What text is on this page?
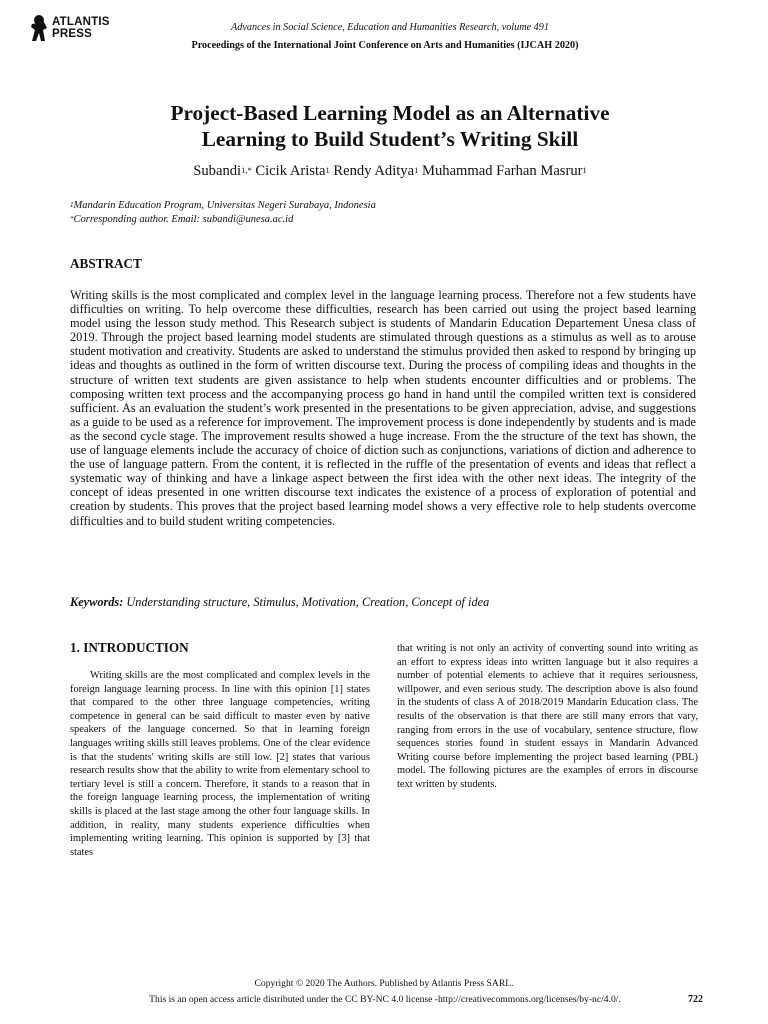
ATLANTIS
PRESS
Advances in Social Science, Education and Humanities Research, volume 491
Proceedings of the International Joint Conference on Arts and Humanities (IJCAH 2020)
Project-Based Learning Model as an Alternative
Learning to Build Student’s Writing Skill
Subandi$^{1,*}$ Cicik Arista$^1$ Rendy Aditya$^1$ Muhammad Farhan Masrur$^1$
$^1$Mandarin Education Program, Universitas Negeri Surabaya, Indonesia
*Corresponding author. Email: subandi@unesa.ac.id
ABSTRACT

Writing skills is the most complicated and complex level in the language learning process. Therefore not a few students have difficulties on writing. To help overcome these difficulties, research has been carried out using the project based learning model using the lesson study method. This Research subject is students of Mandarin Education Departement Unesa class of 2019. Through the project based learning model students are stimulated through questions as a stimulus as well as to arouse student motivation and creativity. Students are asked to understand the stimulus provided then asked to respond by bringing up ideas and thoughts as outlined in the form of written discourse text. During the process of compiling ideas and thoughts in the structure of written text students are given assistance to help when students encounter difficulties and or problems. The composing written text process and the accompanying process go hand in hand until the compiled written text is considered sufficient. As an evaluation the student’s work presented in the presentations to be given appreciation, advise, and suggestions as a guide to be used as a reference for improvement. The improvement process is done independently by students and is made as the second cycle stage. The improvement results showed a huge increase. From the the structure of the text has shown, the use of language elements include the accuracy of choice of diction such as conjunctions, variations of diction and adherence to the use of language pattern. From the content, it is reflected in the ruffle of the presentation of events and ideas that reflect a systematic way of thinking and have a linkage aspect between the first idea with the other next ideas. The integrity of the concept of ideas presented in one written discourse text indicates the existence of a process of exploration of potential and creation by students. This proves that the project based learning model shows a very effective role to help students overcome difficulties and to build student writing competencies.

Keywords: Understanding structure, Stimulus, Motivation, Creation, Concept of idea
1. INTRODUCTION

Writing skills are the most complicated and complex levels in the foreign language learning process. In line with this opinion [1] states that compared to the other three language competencies, writing competence in general can be said difficult to master even by native speakers of the language concerned. So that in learning foreign languages writing skills still leaves problems. One of the clear evidence is that the students' writing skills are still low. [2] states that various research results show that the ability to write from elementary school to tertiary level is still a concern. Therefore, it stands to a reason that in the foreign language learning process, the implementation of writing skills is placed at the last stage among the other four language skills. In addition, in reality, many students experience difficulties when implementing writing learning. This opinion is supported by [3] that states

that writing is not only an activity of converting sound into writing as an effort to express ideas into written language but it also requires a number of potential elements to achieve that it requires seriousness, willpower, and even serious study. The description above is also found in the students of class A of 2018/2019 Mandarin Education class. The results of the observation is that there are still many errors that vary, ranging from errors in the use of vocabulary, sentence structure, flow sequences stories found in student essays in Mandarin Advanced Writing course before implementing the project based learning (PBL) model. The following pictures are the examples of errors in discourse text written by students.

Copyright © 2020 The Authors. Published by Atlantis Press SARL.
This is an open access article distributed under the CC BY-NC 4.0 license -http://creativecommons.org/licenses/by-nc/4.0/.	722
